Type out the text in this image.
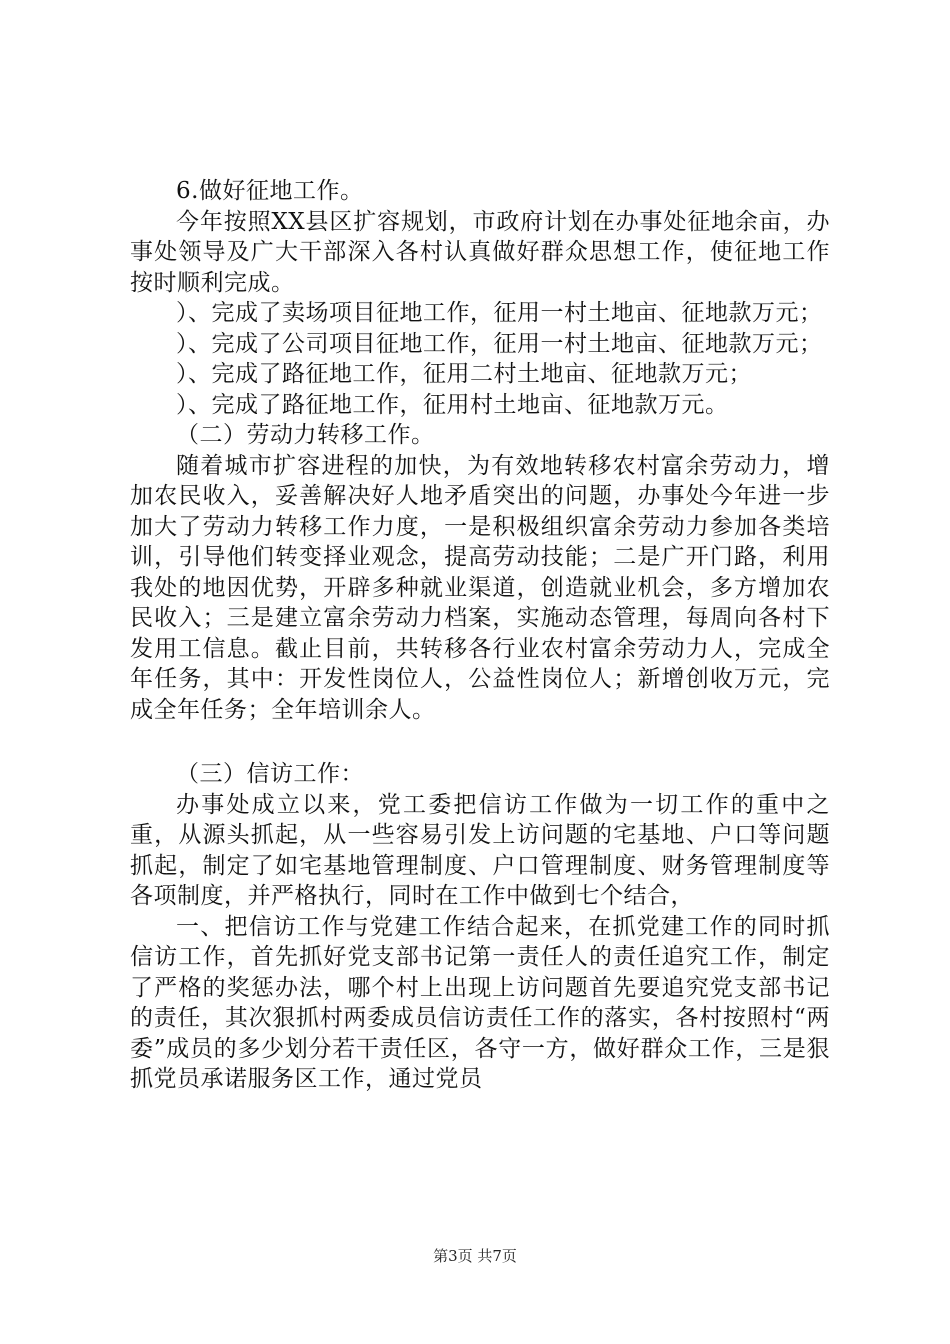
6.做好征地工作。

今年按照XX县区扩容规划，市政府计划在办事处征地余亩，办事处领导及广大干部深入各村认真做好群众思想工作，使征地工作按时顺利完成。

）、完成了卖场项目征地工作，征用一村土地亩、征地款万元；

）、完成了公司项目征地工作，征用一村土地亩、征地款万元；

）、完成了路征地工作，征用二村土地亩、征地款万元；

）、完成了路征地工作，征用村土地亩、征地款万元。

（二）劳动力转移工作。

随着城市扩容进程的加快，为有效地转移农村富余劳动力，增加农民收入，妥善解决好人地矛盾突出的问题，办事处今年进一步加大了劳动力转移工作力度，一是积极组织富余劳动力参加各类培训，引导他们转变择业观念，提高劳动技能；二是广开门路，利用我处的地因优势，开辟多种就业渠道，创造就业机会，多方增加农民收入；三是建立富余劳动力档案，实施动态管理，每周向各村下发用工信息。截止目前，共转移各行业农村富余劳动力人，完成全年任务，其中：开发性岗位人，公益性岗位人；新增创收万元，完成全年任务；全年培训余人。

（三）信访工作：

办事处成立以来，党工委把信访工作做为一切工作的重中之重，从源头抓起，从一些容易引发上访问题的宅基地、户口等问题抓起，制定了如宅基地管理制度、户口管理制度、财务管理制度等各项制度，并严格执行，同时在工作中做到七个结合，

一、把信访工作与党建工作结合起来，在抓党建工作的同时抓信访工作，首先抓好党支部书记第一责任人的责任追究工作，制定了严格的奖惩办法，哪个村上出现上访问题首先要追究党支部书记的责任，其次狠抓村两委成员信访责任工作的落实，各村按照村“两委”成员的多少划分若干责任区，各守一方，做好群众工作，三是狠抓党员承诺服务区工作，通过党员

第3页 共7页
